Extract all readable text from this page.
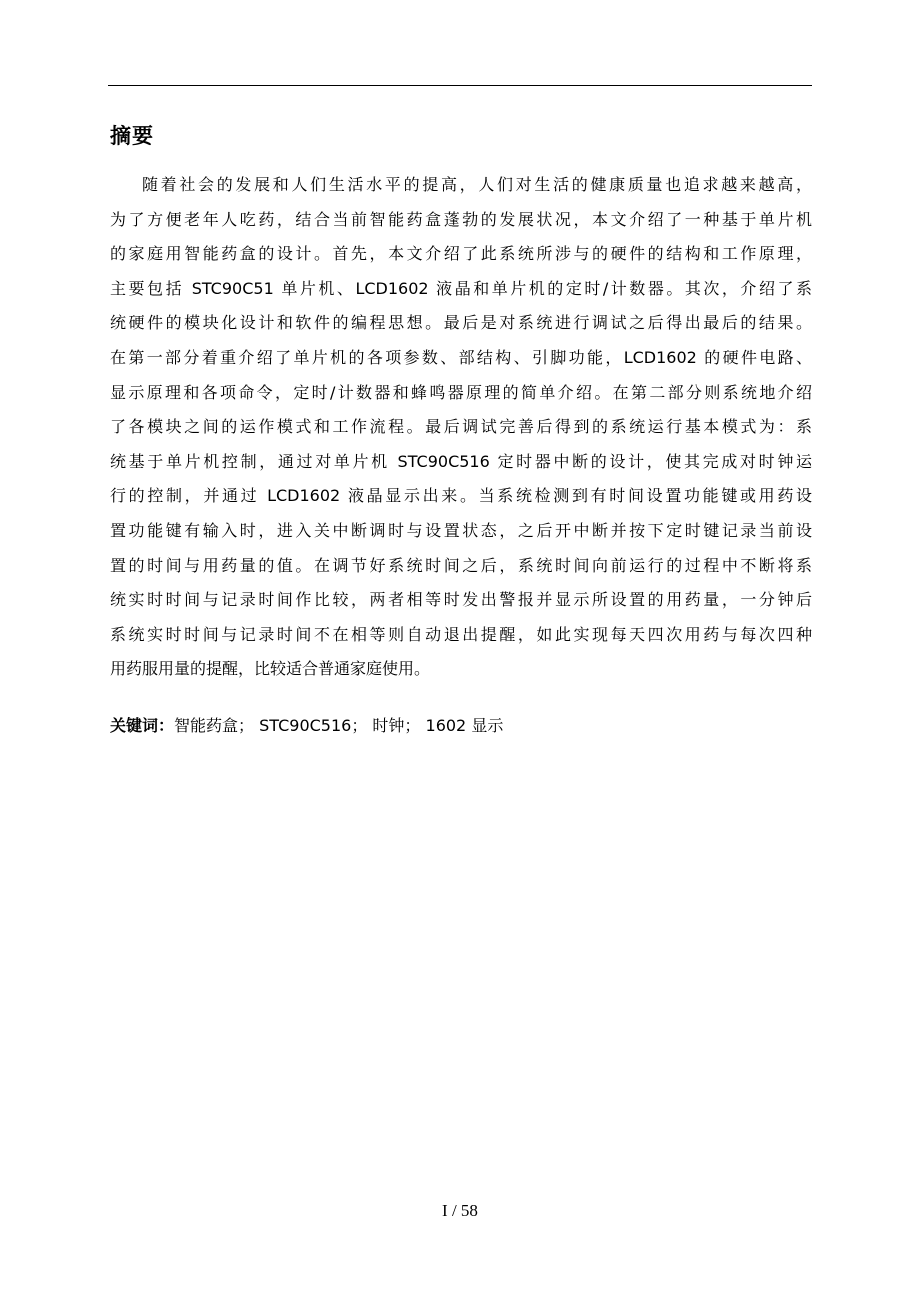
摘要
随着社会的发展和人们生活水平的提高，人们对生活的健康质量也追求越来越高，
为了方便老年人吃药，结合当前智能药盒蓬勃的发展状况，本文介绍了一种基于单片机
的家庭用智能药盒的设计。首先，本文介绍了此系统所涉与的硬件的结构和工作原理，
主要包括 STC90C51 单片机、LCD1602 液晶和单片机的定时/计数器。其次，介绍了系
统硬件的模块化设计和软件的编程思想。最后是对系统进行调试之后得出最后的结果。
在第一部分着重介绍了单片机的各项参数、部结构、引脚功能，LCD1602 的硬件电路、
显示原理和各项命令，定时/计数器和蜂鸣器原理的简单介绍。在第二部分则系统地介绍
了各模块之间的运作模式和工作流程。最后调试完善后得到的系统运行基本模式为：系
统基于单片机控制，通过对单片机 STC90C516 定时器中断的设计，使其完成对时钟运
行的控制，并通过 LCD1602 液晶显示出来。当系统检测到有时间设置功能键或用药设
置功能键有输入时，进入关中断调时与设置状态，之后开中断并按下定时键记录当前设
置的时间与用药量的值。在调节好系统时间之后，系统时间向前运行的过程中不断将系
统实时时间与记录时间作比较，两者相等时发出警报并显示所设置的用药量，一分钟后
系统实时时间与记录时间不在相等则自动退出提醒，如此实现每天四次用药与每次四种
用药服用量的提醒，比较适合普通家庭使用。
关键词：智能药盒； STC90C516； 时钟； 1602 显示
I / 58
